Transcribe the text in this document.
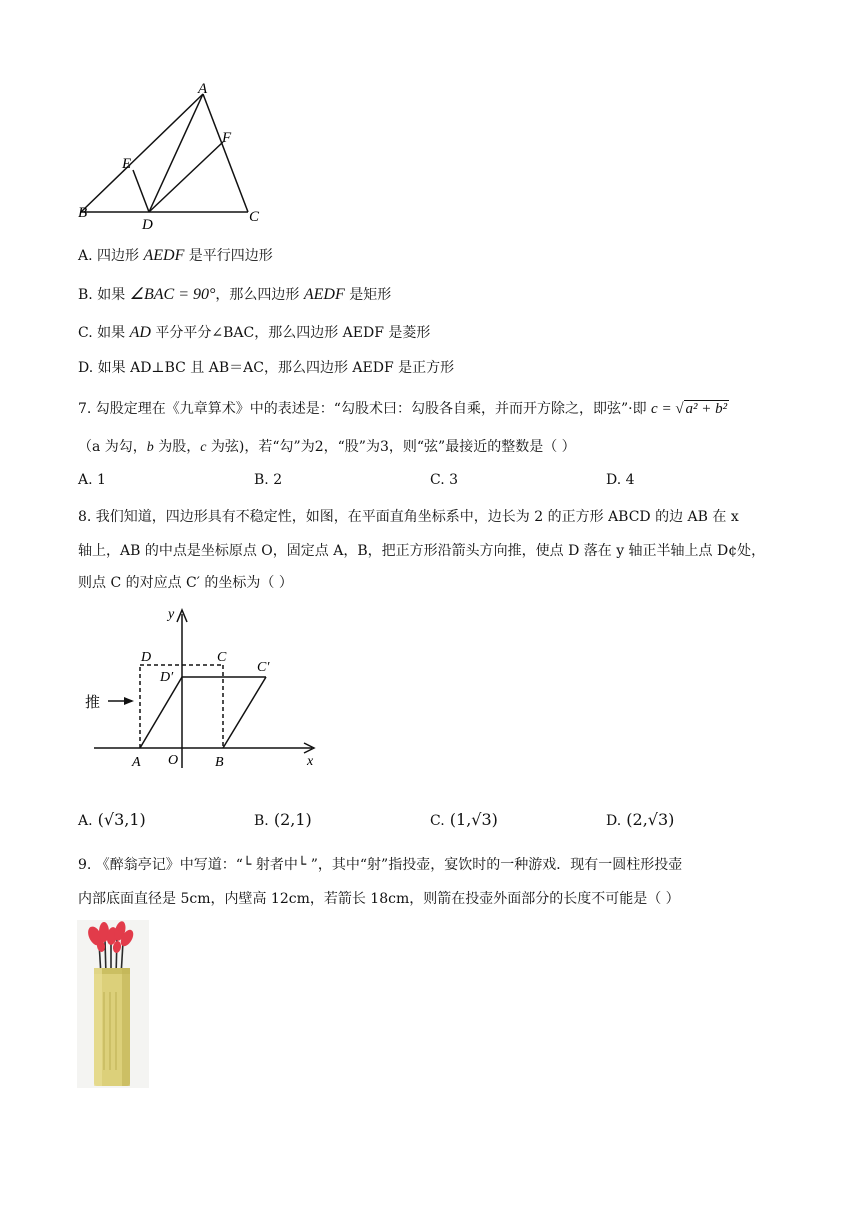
A
F
E
B
D	C
A. 四边形 AEDF 是平行四边形
B. 如果 ∠BAC = 90°，那么四边形 AEDF 是矩形
C. 如果 AD 平分平分∠BAC，那么四边形 AEDF 是菱形
D. 如果 AD⊥BC 且 AB＝AC，那么四边形 AEDF 是正方形
7. 勾股定理在《九章算术》中的表述是：“勾股术曰：勾股各自乘，并而开方除之，即弦”·即 c = √ a² + b²
（a 为勾，b 为股，c 为弦)，若“勾”为2，“股”为3，则“弦”最接近的整数是（ ）
A. 1	B. 2	C. 3	D. 4
8. 我们知道，四边形具有不稳定性，如图，在平面直角坐标系中，边长为 2 的正方形 ABCD 的边 AB 在 x
轴上，AB 的中点是坐标原点 O，固定点 A，B，把正方形沿箭头方向推，使点 D 落在 y 轴正半轴上点 D¢处，
则点 C 的对应点 C′ 的坐标为（ ）
推
y
x
D	C
D′
C′
A O	B
A. (√3,1)	B. (2,1)	C. (1,√3)	D. (2,√3)
9. 《醉翁亭记》中写道：“└ 射者中└ ”，其中“射”指投壶，宴饮时的一种游戏．现有一圆柱形投壶
内部底面直径是 5cm，内壁高 12cm，若箭长 18cm，则箭在投壶外面部分的长度不可能是（ ）
